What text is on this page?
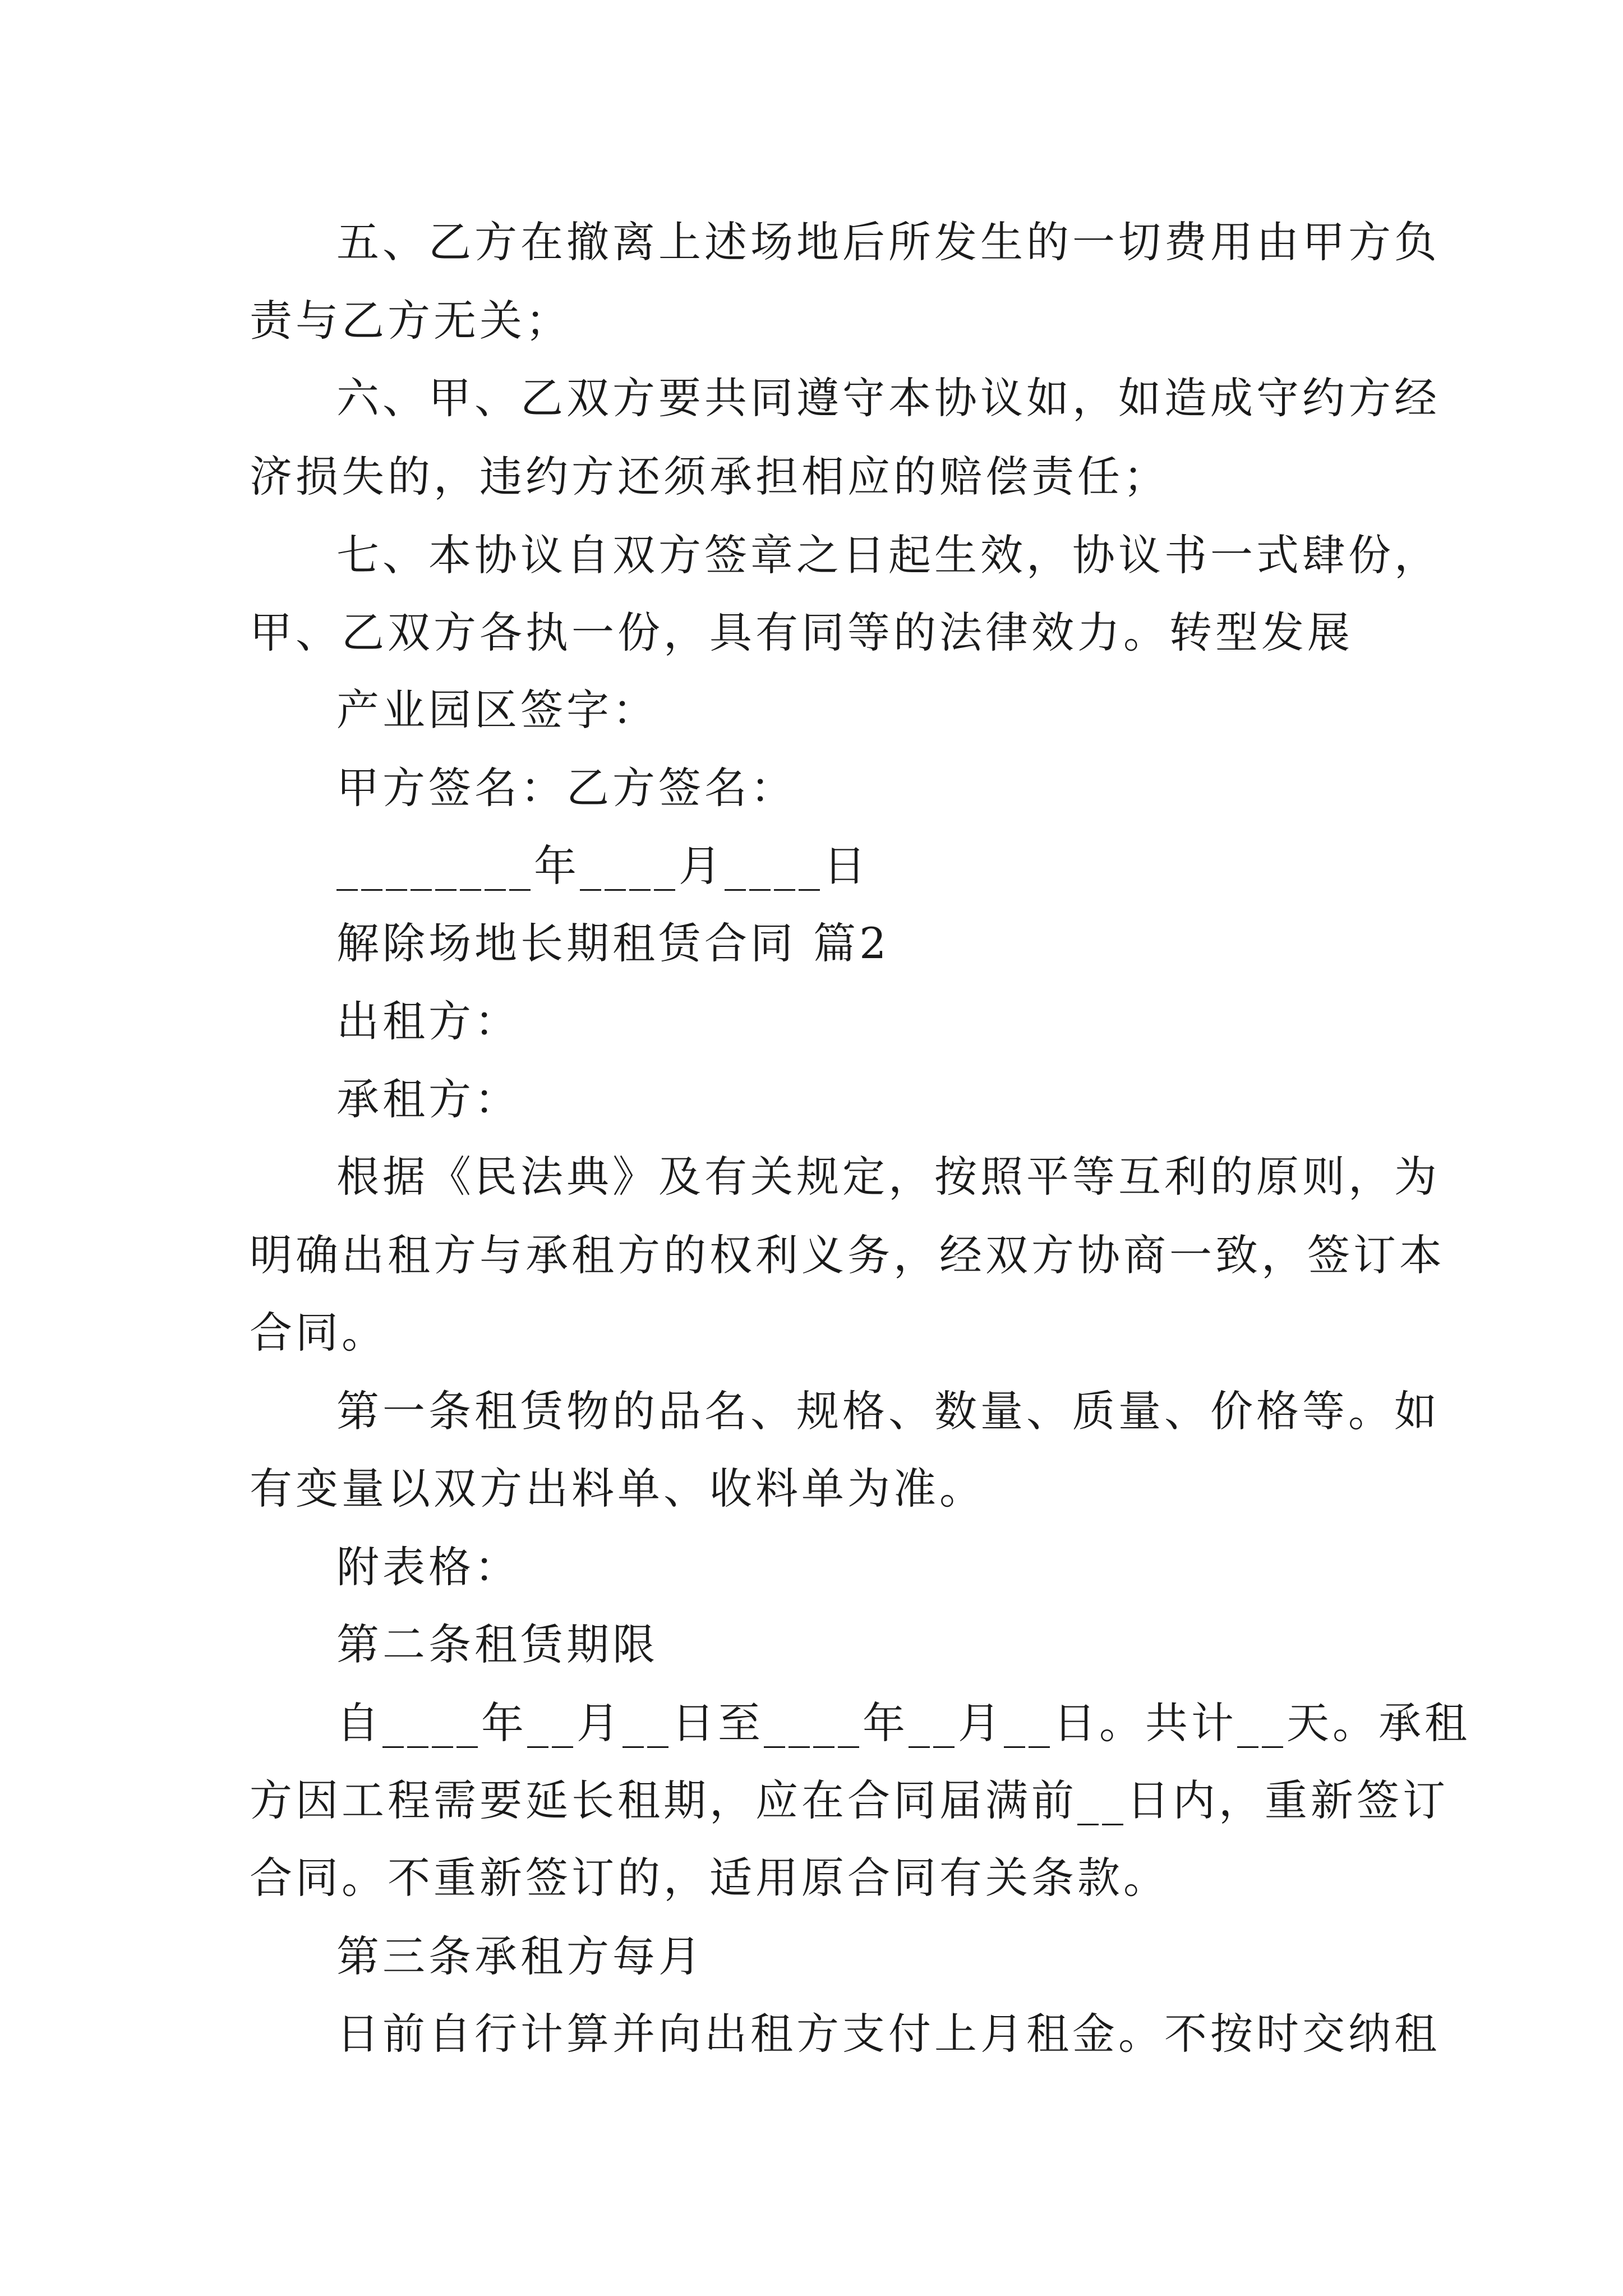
五、乙方在撤离上述场地后所发生的一切费用由甲方负
责与乙方无关；
六、甲、乙双方要共同遵守本协议如，如造成守约方经
济损失的，违约方还须承担相应的赔偿责任；
七、本协议自双方签章之日起生效，协议书一式肆份，
甲、乙双方各执一份，具有同等的法律效力。转型发展
产业园区签字：
甲方签名：乙方签名：
________年____月____日
解除场地长期租赁合同 篇2
出租方：
承租方：
根据《民法典》及有关规定，按照平等互利的原则，为
明确出租方与承租方的权利义务，经双方协商一致，签订本
合同。
第一条租赁物的品名、规格、数量、质量、价格等。如
有变量以双方出料单、收料单为准。
附表格：
第二条租赁期限
自____年__月__日至____年__月__日。共计__天。承租
方因工程需要延长租期，应在合同届满前__日内，重新签订
合同。不重新签订的，适用原合同有关条款。
第三条承租方每月
日前自行计算并向出租方支付上月租金。不按时交纳租
